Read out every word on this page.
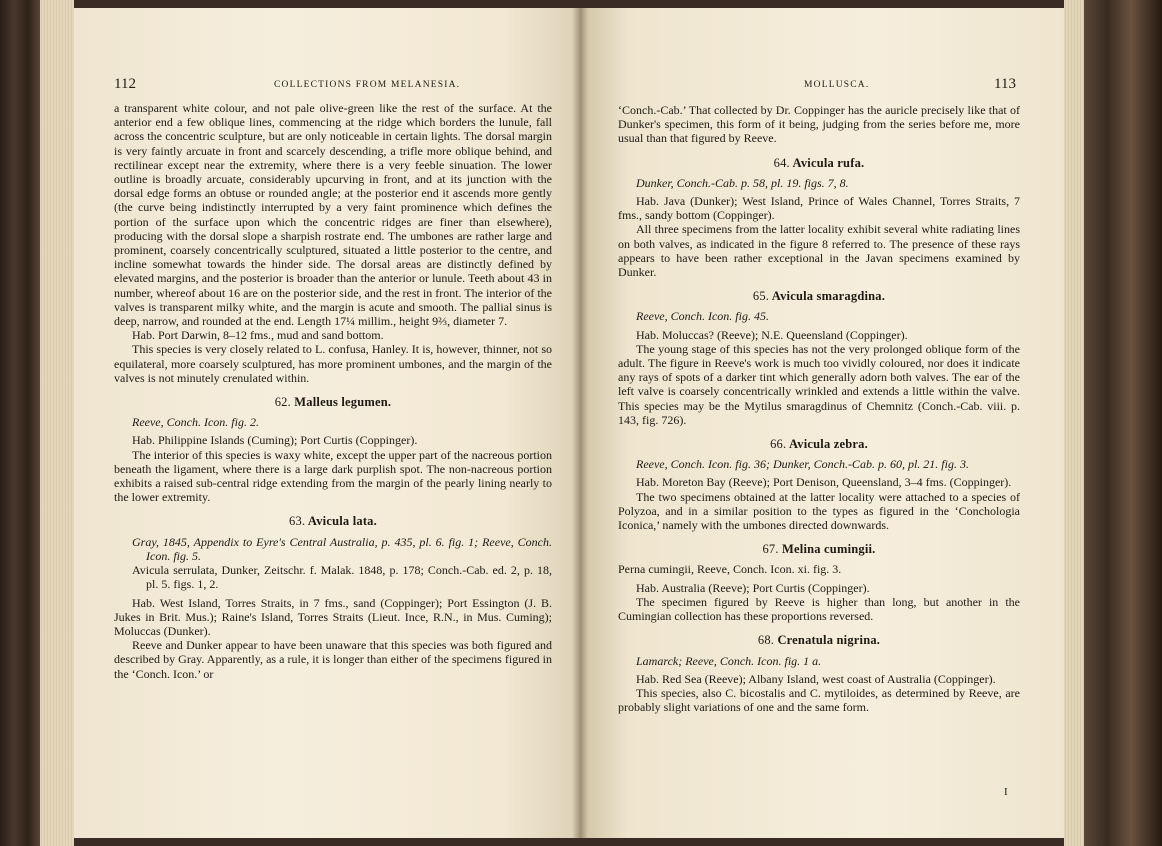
112	COLLECTIONS FROM MELANESIA.

a transparent white colour, and not pale olive-green like the rest of the surface. At the anterior end a few oblique lines, commencing at the ridge which borders the lunule, fall across the concentric sculpture, but are only noticeable in certain lights. The dorsal margin is very faintly arcuate in front and scarcely descending, a trifle more oblique behind, and rectilinear except near the extremity, where there is a very feeble sinuation. The lower outline is broadly arcuate, considerably upcurving in front, and at its junction with the dorsal edge forms an obtuse or rounded angle; at the posterior end it ascends more gently (the curve being indistinctly interrupted by a very faint prominence which defines the portion of the surface upon which the concentric ridges are finer than elsewhere), producing with the dorsal slope a sharpish rostrate end. The umbones are rather large and prominent, coarsely concentrically sculptured, situated a little posterior to the centre, and incline somewhat towards the hinder side. The dorsal areas are distinctly defined by elevated margins, and the posterior is broader than the anterior or lunule. Teeth about 43 in number, whereof about 16 are on the posterior side, and the rest in front. The interior of the valves is transparent milky white, and the margin is acute and smooth. The pallial sinus is deep, narrow, and rounded at the end. Length 17¼ millim., height 9⅔, diameter 7.

Hab. Port Darwin, 8–12 fms., mud and sand bottom.

This species is very closely related to L. confusa, Hanley. It is, however, thinner, not so equilateral, more coarsely sculptured, has more prominent umbones, and the margin of the valves is not minutely crenulated within.

62. Malleus legumen.

Reeve, Conch. Icon. fig. 2.

Hab. Philippine Islands (Cuming); Port Curtis (Coppinger).

The interior of this species is waxy white, except the upper part of the nacreous portion beneath the ligament, where there is a large dark purplish spot. The non-nacreous portion exhibits a raised sub-central ridge extending from the margin of the pearly lining nearly to the lower extremity.

63. Avicula lata.

Gray, 1845, Appendix to Eyre's Central Australia, p. 435, pl. 6. fig. 1; Reeve, Conch. Icon. fig. 5.

Avicula serrulata, Dunker, Zeitschr. f. Malak. 1848, p. 178; Conch.-Cab. ed. 2, p. 18, pl. 5. figs. 1, 2.

Hab. West Island, Torres Straits, in 7 fms., sand (Coppinger); Port Essington (J. B. Jukes in Brit. Mus.); Raine's Island, Torres Straits (Lieut. Ince, R.N., in Mus. Cuming); Moluccas (Dunker).

Reeve and Dunker appear to have been unaware that this species was both figured and described by Gray. Apparently, as a rule, it is longer than either of the specimens figured in the ‘Conch. Icon.’ or

MOLLUSCA.	113

‘Conch.-Cab.’ That collected by Dr. Coppinger has the auricle precisely like that of Dunker's specimen, this form of it being, judging from the series before me, more usual than that figured by Reeve.

64. Avicula rufa.

Dunker, Conch.-Cab. p. 58, pl. 19. figs. 7, 8.

Hab. Java (Dunker); West Island, Prince of Wales Channel, Torres Straits, 7 fms., sandy bottom (Coppinger).

All three specimens from the latter locality exhibit several white radiating lines on both valves, as indicated in the figure 8 referred to. The presence of these rays appears to have been rather exceptional in the Javan specimens examined by Dunker.

65. Avicula smaragdina.

Reeve, Conch. Icon. fig. 45.

Hab. Moluccas? (Reeve); N.E. Queensland (Coppinger).

The young stage of this species has not the very prolonged oblique form of the adult. The figure in Reeve's work is much too vividly coloured, nor does it indicate any rays of spots of a darker tint which generally adorn both valves. The ear of the left valve is coarsely concentrically wrinkled and extends a little within the valve. This species may be the Mytilus smaragdinus of Chemnitz (Conch.-Cab. viii. p. 143, fig. 726).

66. Avicula zebra.

Reeve, Conch. Icon. fig. 36; Dunker, Conch.-Cab. p. 60, pl. 21. fig. 3.

Hab. Moreton Bay (Reeve); Port Denison, Queensland, 3–4 fms. (Coppinger).

The two specimens obtained at the latter locality were attached to a species of Polyzoa, and in a similar position to the types as figured in the ‘Conchologia Iconica,’ namely with the umbones directed downwards.

67. Melina cumingii.

Perna cumingii, Reeve, Conch. Icon. xi. fig. 3.

Hab. Australia (Reeve); Port Curtis (Coppinger).

The specimen figured by Reeve is higher than long, but another in the Cumingian collection has these proportions reversed.

68. Crenatula nigrina.

Lamarck; Reeve, Conch. Icon. fig. 1 a.

Hab. Red Sea (Reeve); Albany Island, west coast of Australia (Coppinger).

This species, also C. bicostalis and C. mytiloides, as determined by Reeve, are probably slight variations of one and the same form.

I
